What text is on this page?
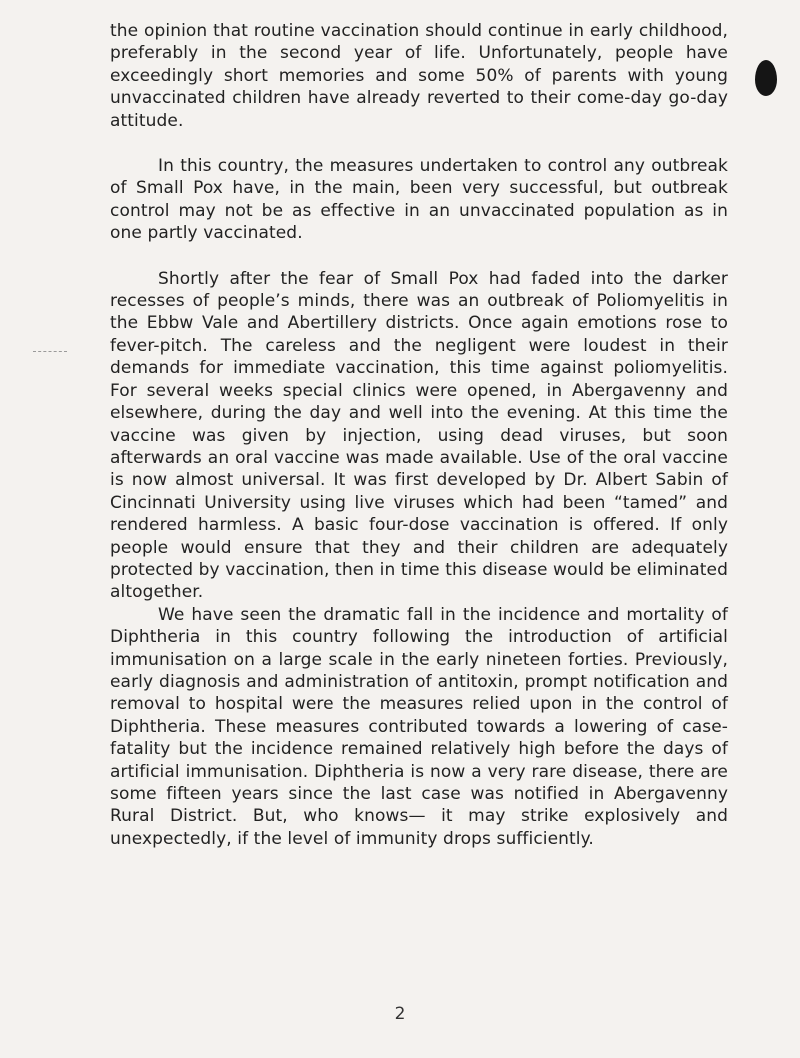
the opinion that routine vaccination should continue in early childhood, preferably in the second year of life. Unfortunately, people have exceedingly short memories and some 50% of parents with young unvaccinated children have already reverted to their come-day go-day attitude.

In this country, the measures undertaken to control any outbreak of Small Pox have, in the main, been very successful, but outbreak control may not be as effective in an unvaccinated population as in one partly vaccinated.

Shortly after the fear of Small Pox had faded into the darker recesses of people’s minds, there was an outbreak of Poliomyelitis in the Ebbw Vale and Abertillery districts. Once again emotions rose to fever-pitch. The careless and the negligent were loudest in their demands for immediate vaccination, this time against poliomyelitis. For several weeks special clinics were opened, in Abergavenny and elsewhere, during the day and well into the evening. At this time the vaccine was given by injection, using dead viruses, but soon afterwards an oral vaccine was made available. Use of the oral vaccine is now almost universal. It was first developed by Dr. Albert Sabin of Cincinnati University using live viruses which had been “tamed” and rendered harmless. A basic four-dose vaccination is offered. If only people would ensure that they and their children are adequately protected by vaccination, then in time this disease would be eliminated altogether.

We have seen the dramatic fall in the incidence and mortality of Diphtheria in this country following the introduction of artificial immunisation on a large scale in the early nineteen forties. Previously, early diagnosis and administration of antitoxin, prompt notification and removal to hospital were the measures relied upon in the control of Diphtheria. These measures contributed towards a lowering of case-fatality but the incidence remained relatively high before the days of artificial immunisation. Diphtheria is now a very rare disease, there are some fifteen years since the last case was notified in Abergavenny Rural District. But, who knows— it may strike explosively and unexpectedly, if the level of immunity drops sufficiently.

2
